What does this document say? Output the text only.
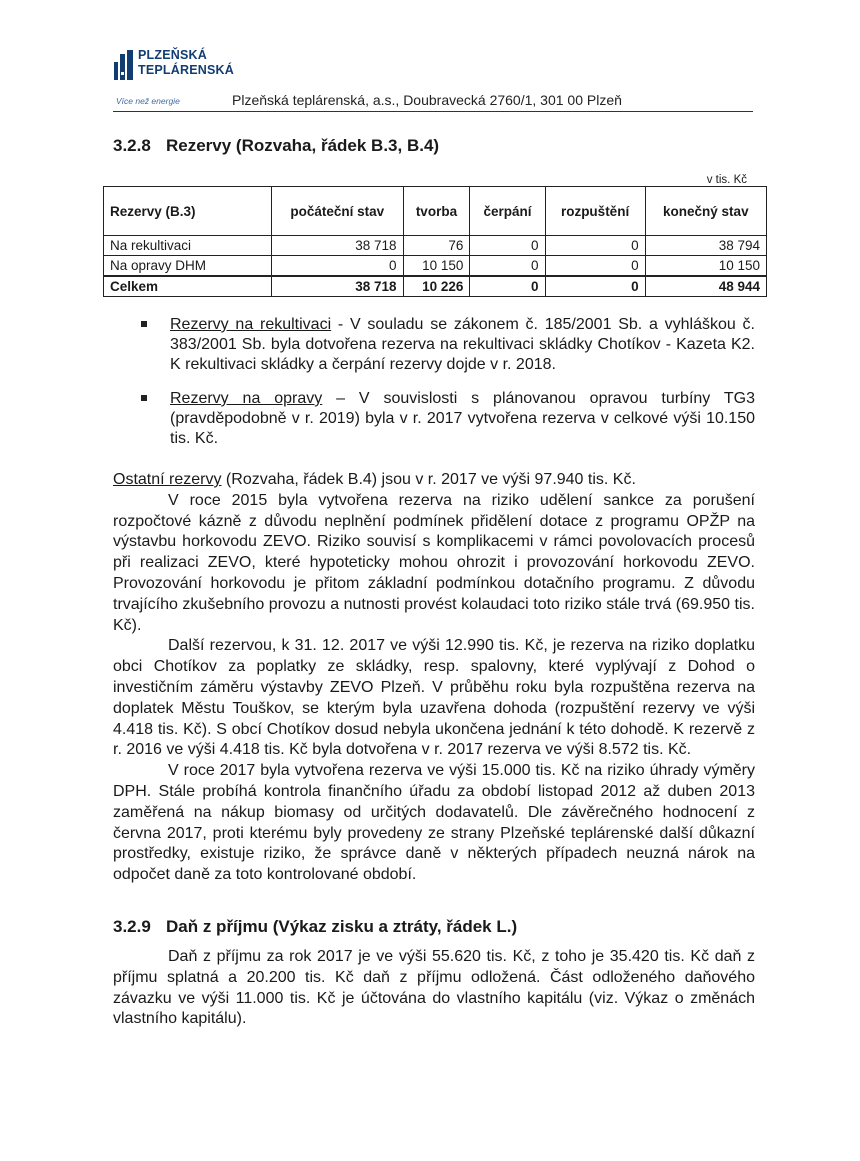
PLZEŇSKÁ
TEPLÁRENSKÁ
Více než energie	Plzeňská teplárenská, a.s., Doubravecká 2760/1, 301 00 Plzeň
3.2.8 Rezervy (Rozvaha, řádek B.3, B.4)
v tis. Kč
Rezervy (B.3)	počáteční stav	tvorba	čerpání	rozpuštění	konečný stav
Na rekultivaci	38 718	76	0	0	38 794
Na opravy DHM	0	10 150	0	0	10 150
Celkem	38 718	10 226	0	0	48 944
Rezervy na rekultivaci - V souladu se zákonem č. 185/2001 Sb. a vyhláškou č. 383/2001 Sb. byla dotvořena rezerva na rekultivaci skládky Chotíkov - Kazeta K2. K rekultivaci skládky a čerpání rezervy dojde v r. 2018.
Rezervy na opravy – V souvislosti s plánovanou opravou turbíny TG3 (pravděpodobně v r. 2019) byla v r. 2017 vytvořena rezerva v celkové výši 10.150 tis. Kč.

Ostatní rezervy (Rozvaha, řádek B.4) jsou v r. 2017 ve výši 97.940 tis. Kč.

V roce 2015 byla vytvořena rezerva na riziko udělení sankce za porušení rozpočtové kázně z důvodu neplnění podmínek přidělení dotace z programu OPŽP na výstavbu horkovodu ZEVO. Riziko souvisí s komplikacemi v rámci povolovacích procesů při realizaci ZEVO, které hypoteticky mohou ohrozit i provozování horkovodu ZEVO. Provozování horkovodu je přitom základní podmínkou dotačního programu. Z důvodu trvajícího zkušebního provozu a nutnosti provést kolaudaci toto riziko stále trvá (69.950 tis. Kč).

Další rezervou, k 31. 12. 2017 ve výši 12.990 tis. Kč, je rezerva na riziko doplatku obci Chotíkov za poplatky ze skládky, resp. spalovny, které vyplývají z Dohod o investičním záměru výstavby ZEVO Plzeň. V průběhu roku byla rozpuštěna rezerva na doplatek Městu Touškov, se kterým byla uzavřena dohoda (rozpuštění rezervy ve výši 4.418 tis. Kč). S obcí Chotíkov dosud nebyla ukončena jednání k této dohodě. K rezervě z r. 2016 ve výši 4.418 tis. Kč byla dotvořena v r. 2017 rezerva ve výši 8.572 tis. Kč.

V roce 2017 byla vytvořena rezerva ve výši 15.000 tis. Kč na riziko úhrady výměry DPH. Stále probíhá kontrola finančního úřadu za období listopad 2012 až duben 2013 zaměřená na nákup biomasy od určitých dodavatelů. Dle závěrečného hodnocení z června 2017, proti kterému byly provedeny ze strany Plzeňské teplárenské další důkazní prostředky, existuje riziko, že správce daně v některých případech neuzná nárok na odpočet daně za toto kontrolované období.

3.2.9 Daň z příjmu (Výkaz zisku a ztráty, řádek L.)

Daň z příjmu za rok 2017 je ve výši 55.620 tis. Kč, z toho je 35.420 tis. Kč daň z příjmu splatná a 20.200 tis. Kč daň z příjmu odložená. Část odloženého daňového závazku ve výši 11.000 tis. Kč je účtována do vlastního kapitálu (viz. Výkaz o změnách vlastního kapitálu).
